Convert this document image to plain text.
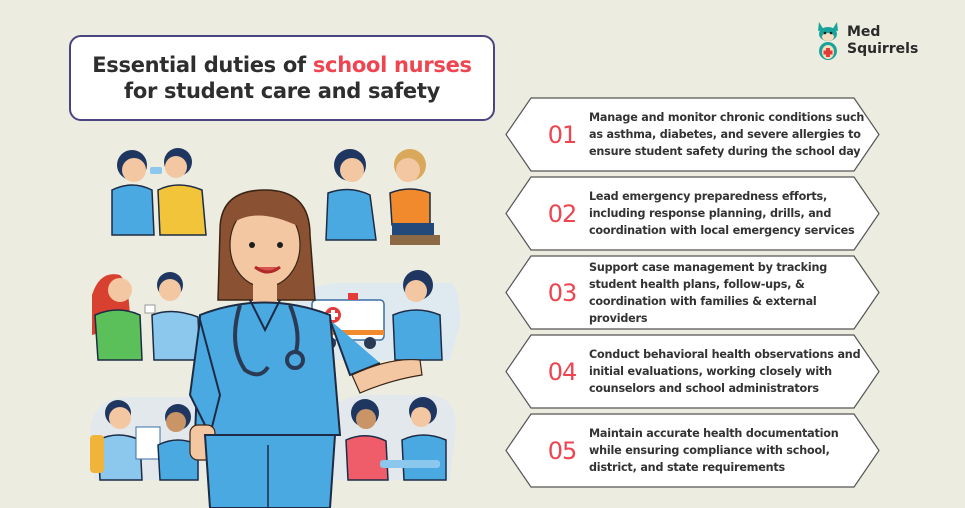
Essential duties of school nurses
for student care and safety
Med
Squirrels
01
Manage and monitor chronic conditions such as asthma, diabetes, and severe allergies to ensure student safety during the school day
02
Lead emergency preparedness efforts, including response planning, drills, and coordination with local emergency services
03
Support case management by tracking student health plans, follow-ups, & coordination with families & external providers
04
Conduct behavioral health observations and initial evaluations, working closely with counselors and school administrators
05
Maintain accurate health documentation while ensuring compliance with school, district, and state requirements
